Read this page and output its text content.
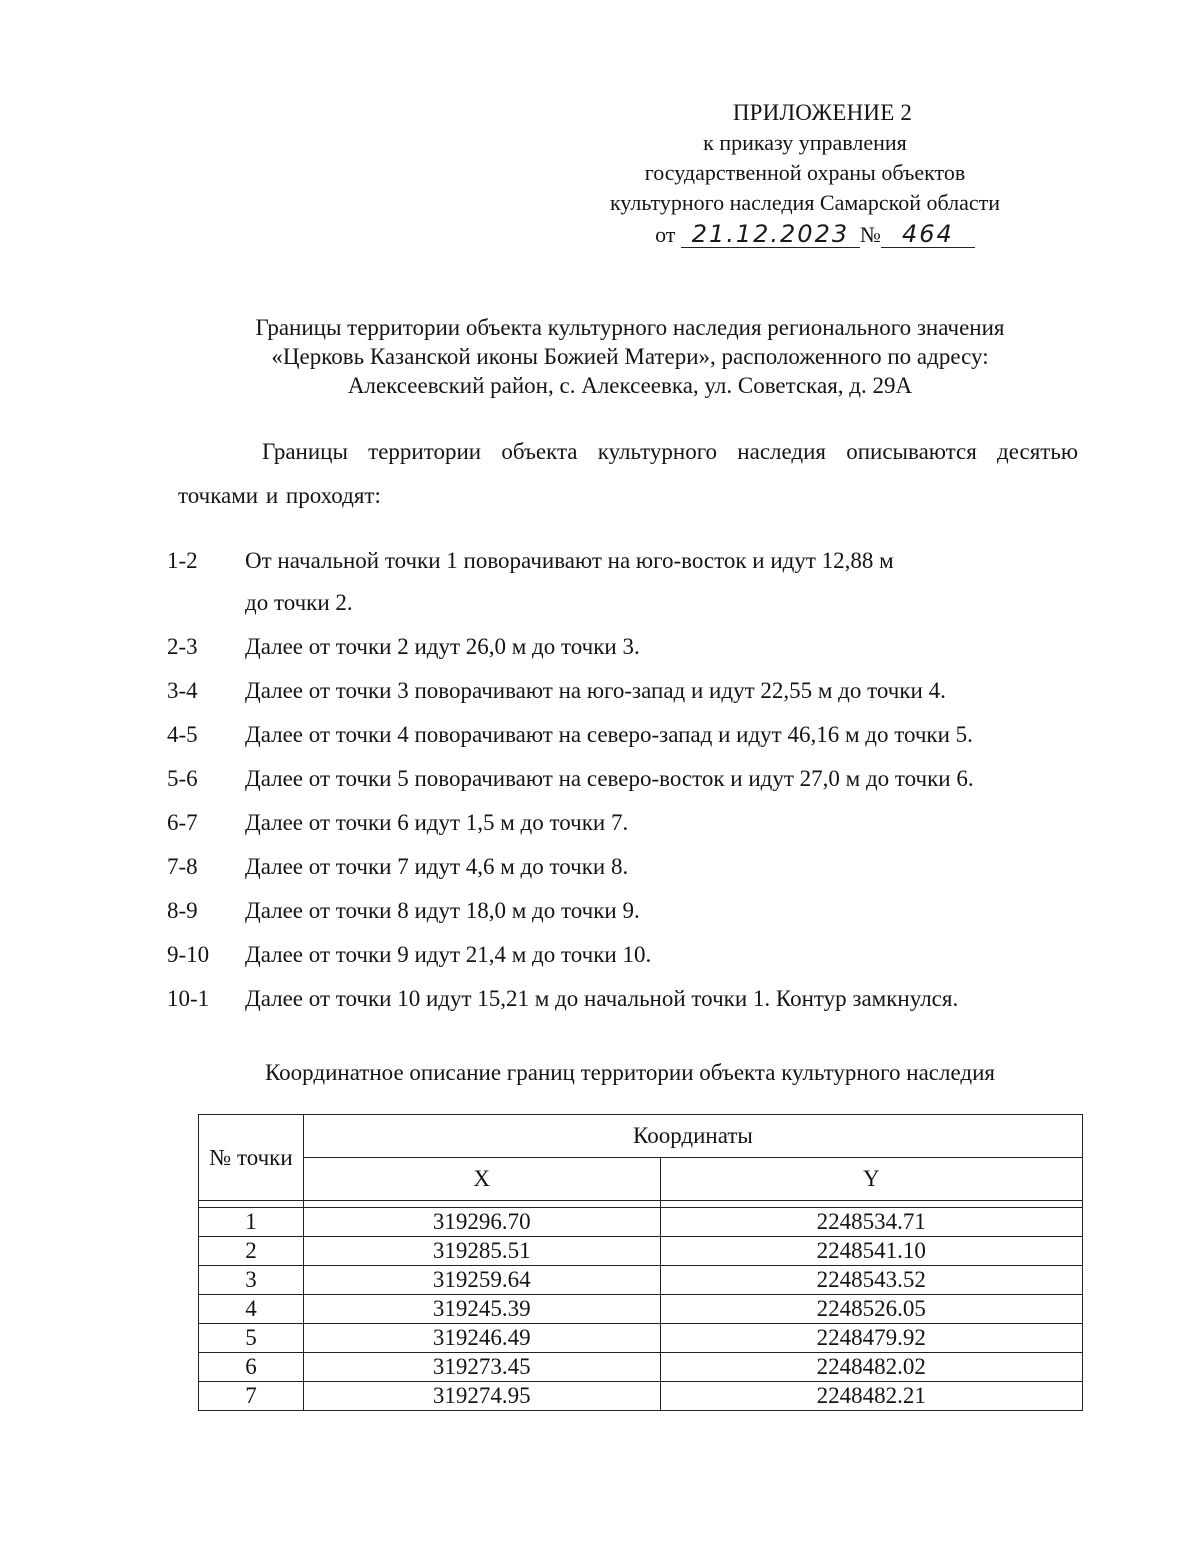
ПРИЛОЖЕНИЕ 2
к приказу управления
государственной охраны объектов
культурного наследия Самарской области
от 21.12.2023 № 464
Границы территории объекта культурного наследия регионального значения
«Церковь Казанской иконы Божией Матери», расположенного по адресу:
Алексеевский район, с. Алексеевка, ул. Советская, д. 29А
Границы территории объекта культурного наследия описываются десятью точками и проходят:
1-2	От начальной точки 1 поворачивают на юго-восток и идут 12,88 м
до точки 2.
2-3	Далее от точки 2 идут 26,0 м до точки 3.
3-4	Далее от точки 3 поворачивают на юго-запад и идут 22,55 м до точки 4.
4-5	Далее от точки 4 поворачивают на северо-запад и идут 46,16 м до точки 5.
5-6	Далее от точки 5 поворачивают на северо-восток и идут 27,0 м до точки 6.
6-7	Далее от точки 6 идут 1,5 м до точки 7.
7-8	Далее от точки 7 идут 4,6 м до точки 8.
8-9	Далее от точки 8 идут 18,0 м до точки 9.
9-10	Далее от точки 9 идут 21,4 м до точки 10.
10-1	Далее от точки 10 идут 15,21 м до начальной точки 1. Контур замкнулся.
Координатное описание границ территории объекта культурного наследия
№ точки	Координаты	
	X	Y

1	319296.70	2248534.71
2	319285.51	2248541.10
3	319259.64	2248543.52
4	319245.39	2248526.05
5	319246.49	2248479.92
6	319273.45	2248482.02
7	319274.95	2248482.21
